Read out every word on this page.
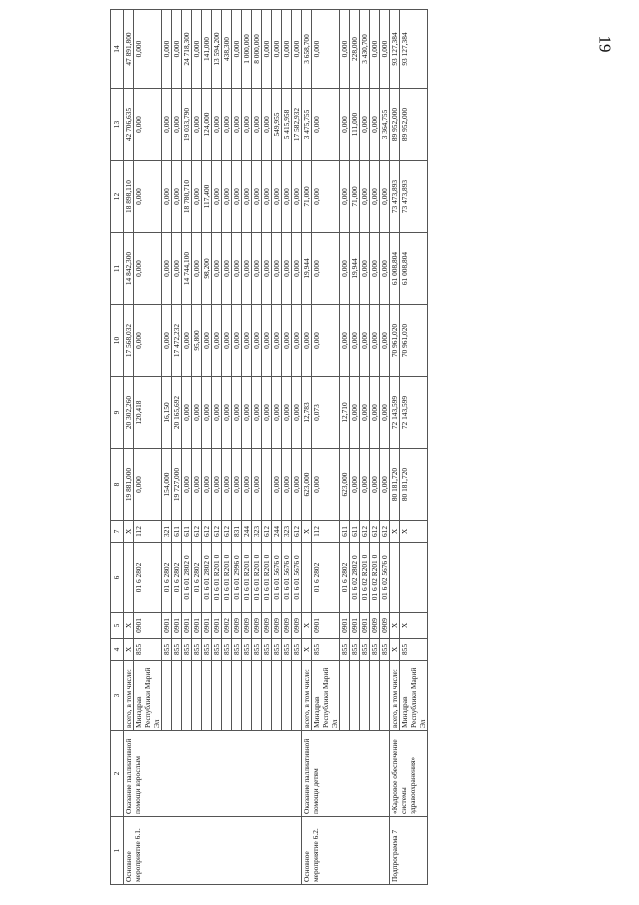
19
1	2	3	4	5	6	7	8	9	10	11	12	13	14
Основное мероприятие 6.1.	Оказание паллиативной помощи взрослым	всего, в том числе:	X	X		X	19 881,000	20 302,260	17 568,032	14 842,300	18 898,110	42 706,635	47 891,800
		Минздрав Республики Марий Эл	855	0901	01 6 2802	112	0,000	120,418	0,000	0,000	0,000	0,000	0,000
			855	0901	01 6 2802	321	154,000	16,150	0,000	0,000	0,000	0,000	0,000
			855	0901	01 6 2802	611	19 727,000	20 165,692	17 472,232	0,000	0,000	0,000	0,000
			855	0901	01 6 01 2802 0	611	0,000	0,000	0,000	14 744,100	18 780,710	19 033,790	24 718,300
			855	0901	01 6 2802	612	0,000	0,000	95,800	0,000	0,000	0,000	0,000
			855	0901	01 6 01 2802 0	612	0,000	0,000	0,000	98,200	117,400	124,000	141,000
			855	0901	01 6 01 R201 0	612	0,000	0,000	0,000	0,000	0,000	0,000	13 594,200
			855	0902	01 6 01 R201 0	612	0,000	0,000	0,000	0,000	0,000	0,000	438,300
			855	0909	01 6 01 2996 0	831	0,000	0,000	0,000	0,000	0,000	0,000	0,000
			855	0909	01 6 01 R201 0	244	0,000	0,000	0,000	0,000	0,000	0,000	1 000,000
			855	0909	01 6 01 R201 0	323	0,000	0,000	0,000	0,000	0,000	0,000	8 000,000
			855	0909	01 6 01 R201 0	612		0,000	0,000	0,000	0,000	0,000	0,000
			855	0909	01 6 01 5676 0	244	0,000	0,000	0,000	0,000	0,000	549,955	0,000
			855	0909	01 6 01 5676 0	323	0,000	0,000	0,000	0,000	0,000	5 415,958	0,000
			855	0909	01 6 01 5676 0	612	0,000	0,000	0,000	0,000	0,000	17 582,932	0,000
Основное мероприятие 6.2.	Оказание паллиативной помощи детям	всего, в том числе:	X	X		X	623,000	12,783	0,000	19,944	71,000	3 475,755	3 658,700
		Минздрав Республики Марий Эл	855	0901	01 6 2802	112	0,000	0,073	0,000	0,000	0,000	0,000	0,000
			855	0901	01 6 2802	611	623,000	12,710	0,000	0,000	0,000	0,000	0,000
			855	0901	01 6 02 2802 0	611	0,000	0,000	0,000	19,944	71,000	111,000	228,000
			855	0901	01 6 02 R201 0	612	0,000	0,000	0,000	0,000	0,000	0,000	3 430,700
			855	0909	01 6 02 R201 0	612	0,000	0,000	0,000	0,000	0,000	0,000	0,000
			855	0909	01 6 02 5676 0	612	0,000	0,000	0,000	0,000	0,000	3 364,755	0,000
Подпрограмма 7	«Кадровое обеспечение системы здравоохранения»	всего, в том числе:	X	X		X	80 181,720	72 143,599	70 961,020	61 008,804	73 473,893	89 952,000	93 127,384
		Минздрав Республики Марий Эл	855	X		X	80 181,720	72 143,599	70 961,020	61 008,804	73 473,893	89 952,000	93 127,384
